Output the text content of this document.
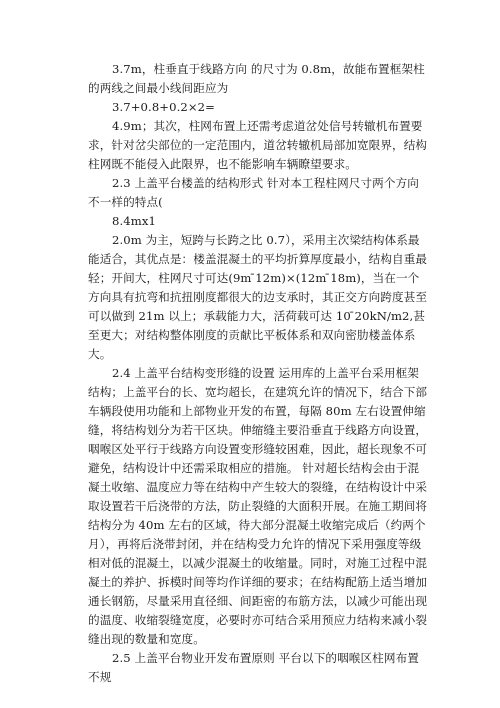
3.7m，柱垂直于线路方向 的尺寸为 0.8m，故能布置框架柱的两线之间最小线间距应为

3.7+0.8+0.2×2=

4.9m；其次，柱网布置上还需考虑道岔处信号转辙机布置要求，针对岔尖部位的一定范围内，道岔转辙机局部加宽限界，结构柱网既不能侵入此限界，也不能影响车辆瞭望要求。

2.3 上盖平台楼盖的结构形式 针对本工程柱网尺寸两个方向不一样的特点(

8.4mx1

2.0m 为主，短跨与长跨之比 0.7），采用主次梁结构体系最能适合，其优点是：楼盖混凝土的平均折算厚度最小，结构自重最轻；开间大，柱网尺寸可达(9m ̄12m)×(12m ̄18m)，当在一个方向具有抗弯和抗扭刚度都很大的边支承时，其正交方向跨度甚至可以做到 21m 以上；承载能力大，活荷载可达 10 ̄20kN/m2,甚至更大；对结构整体刚度的贡献比平板体系和双向密肋楼盖体系大。

2.4 上盖平台结构变形缝的设置 运用库的上盖平台采用框架结构；上盖平台的长、宽均超长，在建筑允许的情况下，结合下部车辆段使用功能和上部物业开发的布置，每隔 80m 左右设置伸缩缝，将结构划分为若干区块。伸缩缝主要沿垂直于线路方向设置，咽喉区处平行于线路方向设置变形缝较困难，因此，超长现象不可避免，结构设计中还需采取相应的措施。 针对超长结构会由于混凝土收缩、温度应力等在结构中产生较大的裂缝，在结构设计中采取设置若干后浇带的方法，防止裂缝的大面积开展。在施工期间将结构分为 40m 左右的区域，待大部分混凝土收缩完成后（约两个月），再将后浇带封闭，并在结构受力允许的情况下采用强度等级相对低的混凝土，以减少混凝土的收缩量。同时，对施工过程中混凝土的养护、拆模时间等均作详细的要求；在结构配筋上适当增加通长钢筋，尽量采用直径细、间距密的布筋方法，以减少可能出现的温度、收缩裂缝宽度，必要时亦可结合采用预应力结构来减小裂缝出现的数量和宽度。

2.5 上盖平台物业开发布置原则 平台以下的咽喉区柱网布置不规
